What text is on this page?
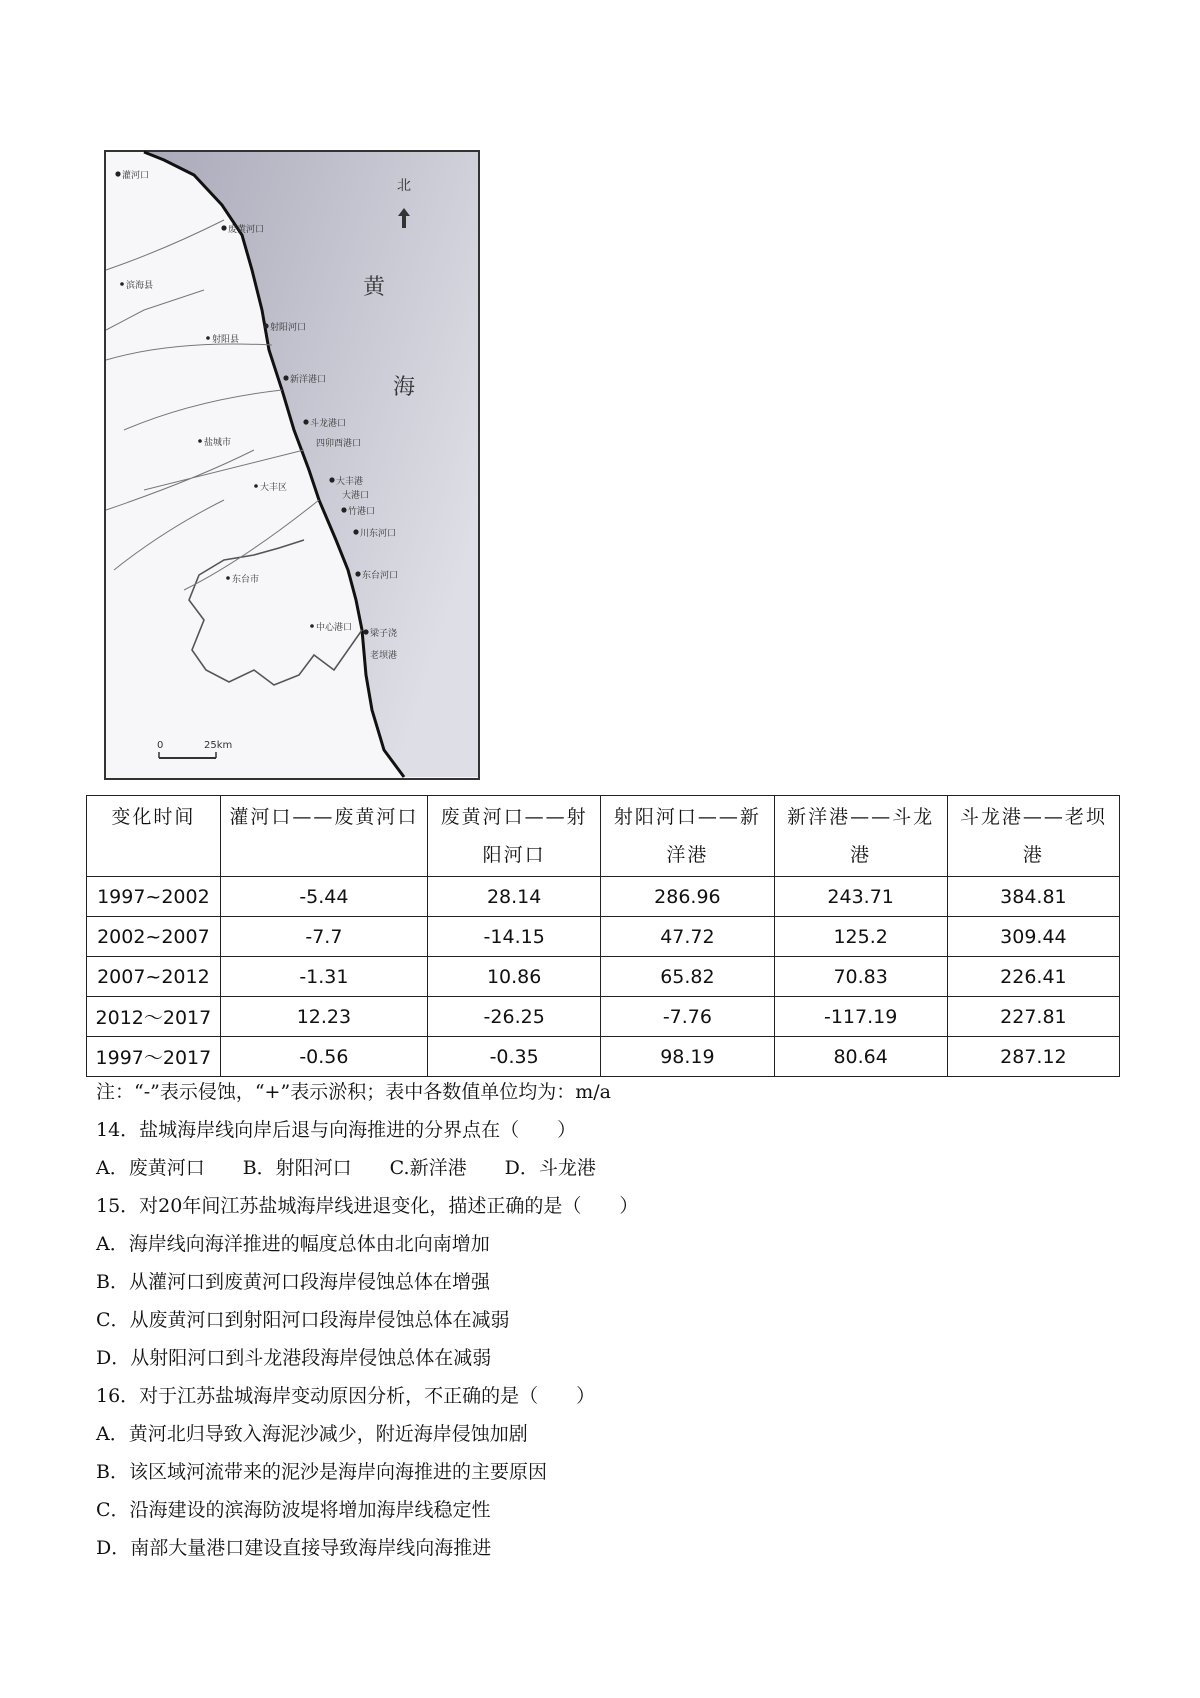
北
黄
海
0	25km
灌河口
废黄河口
滨海县
射阳河口
射阳县
新洋港口
斗龙港口
四卯酉港口
盐城市
大丰港
大丰区
大港口
竹港口
川东河口
东台市	东台河口
中心港口
梁子浇
老坝港
变化时间	灌河口——废黄河口	废黄河口——射阳河口	射阳河口——新洋港	新洋港——斗龙港	斗龙港——老坝港
1997~2002	-5.44	28.14	286.96	243.71	384.81
2002~2007	-7.7	-14.15	47.72	125.2	309.44
2007~2012	-1.31	10.86	65.82	70.83	226.41
2012～2017	12.23	-26.25	-7.76	-117.19	227.81
1997～2017	-0.56	-0.35	98.19	80.64	287.12
注：“-”表示侵蚀，“+”表示淤积；表中各数值单位均为：m/a
14．盐城海岸线向岸后退与向海推进的分界点在（　　）
A．废黄河口　　B．射阳河口　　C.新洋港　　D．斗龙港
15．对20年间江苏盐城海岸线进退变化，描述正确的是（　　）
A．海岸线向海洋推进的幅度总体由北向南增加
B．从灌河口到废黄河口段海岸侵蚀总体在增强
C．从废黄河口到射阳河口段海岸侵蚀总体在减弱
D．从射阳河口到斗龙港段海岸侵蚀总体在减弱
16．对于江苏盐城海岸变动原因分析，不正确的是（　　）
A．黄河北归导致入海泥沙减少，附近海岸侵蚀加剧
B．该区域河流带来的泥沙是海岸向海推进的主要原因
C．沿海建设的滨海防波堤将增加海岸线稳定性
D．南部大量港口建设直接导致海岸线向海推进
